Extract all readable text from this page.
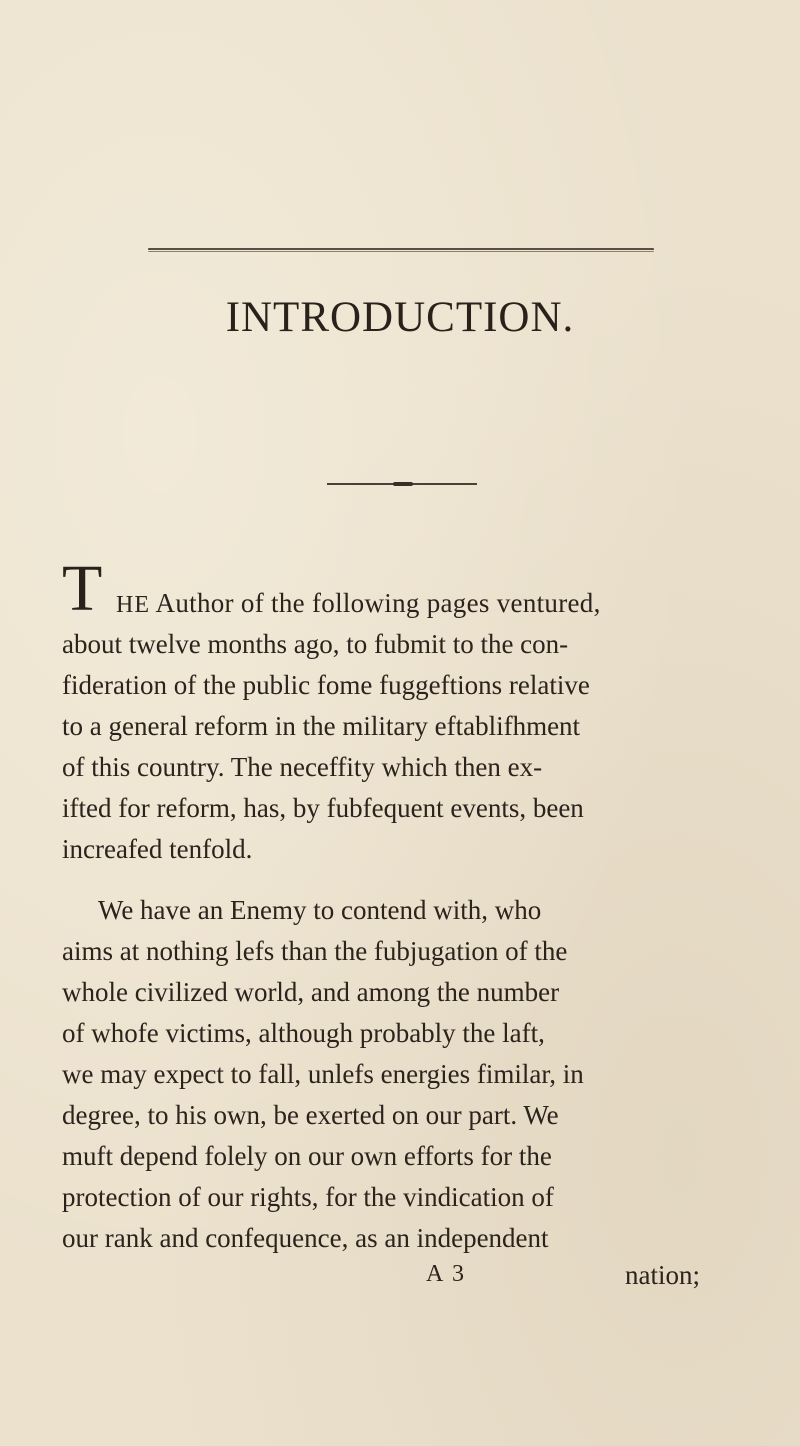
INTRODUCTION.
T HE Author of the following pages ventured,
about twelve months ago, to fubmit to the con-
fideration of the public fome fuggeftions relative
to a general reform in the military eftablifhment
of this country. The neceffity which then ex-
ifted for reform, has, by fubfequent events, been
increafed tenfold.
We have an Enemy to contend with, who
aims at nothing lefs than the fubjugation of the
whole civilized world, and among the number
of whofe victims, although probably the laft,
we may expect to fall, unlefs energies fimilar, in
degree, to his own, be exerted on our part. We
muft depend folely on our own efforts for the
protection of our rights, for the vindication of
our rank and confequence, as an independent
A 3	nation;
